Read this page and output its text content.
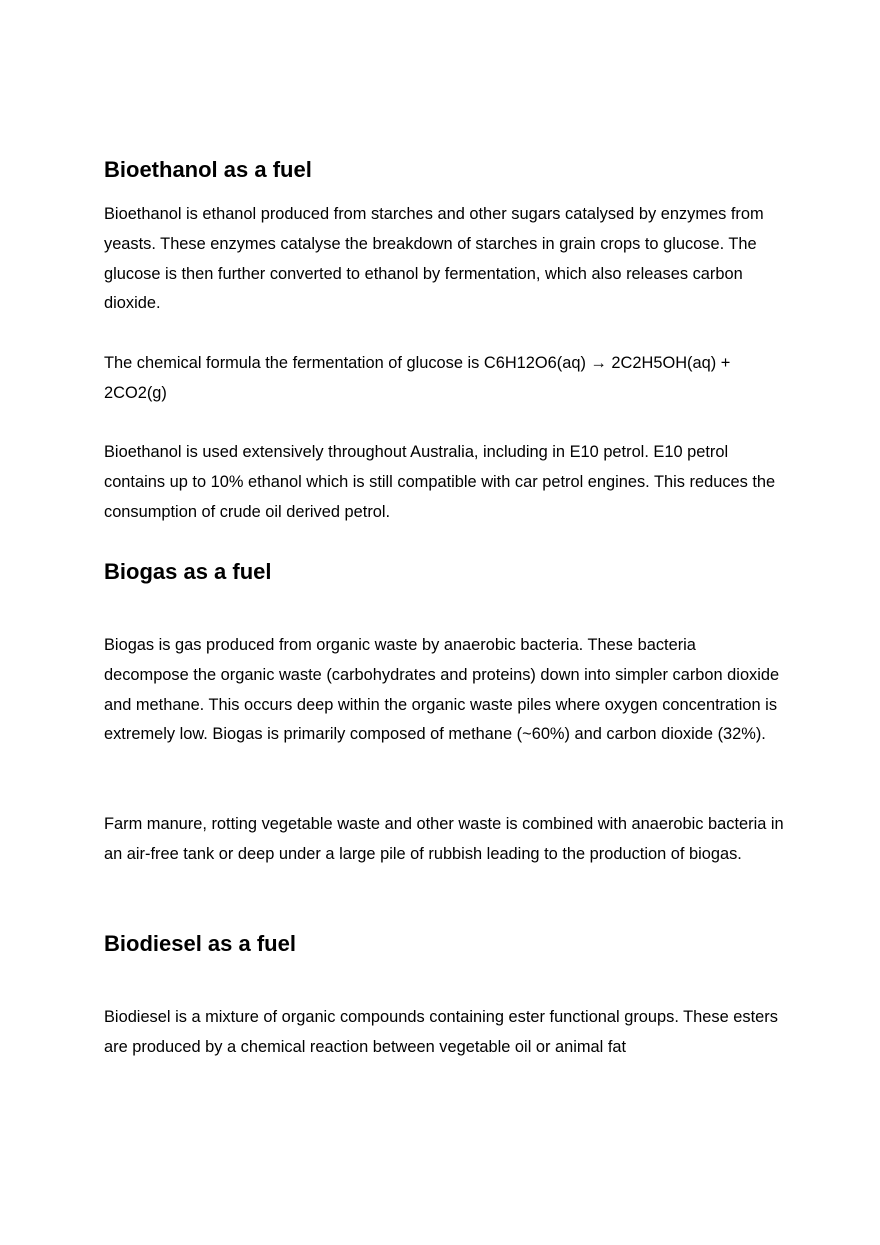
Bioethanol as a fuel

Bioethanol is ethanol produced from starches and other sugars catalysed by enzymes from yeasts. These enzymes catalyse the breakdown of starches in grain crops to glucose. The glucose is then further converted to ethanol by fermentation, which also releases carbon dioxide.

The chemical formula the fermentation of glucose is C6H12O6(aq) → 2C2H5OH(aq) + 2CO2(g)

Bioethanol is used extensively throughout Australia, including in E10 petrol. E10 petrol contains up to 10% ethanol which is still compatible with car petrol engines. This reduces the consumption of crude oil derived petrol.

Biogas as a fuel

Biogas is gas produced from organic waste by anaerobic bacteria. These bacteria decompose the organic waste (carbohydrates and proteins) down into simpler carbon dioxide and methane. This occurs deep within the organic waste piles where oxygen concentration is extremely low. Biogas is primarily composed of methane (~60%) and carbon dioxide (32%).

Farm manure, rotting vegetable waste and other waste is combined with anaerobic bacteria in an air-free tank or deep under a large pile of rubbish leading to the production of biogas.

Biodiesel as a fuel

Biodiesel is a mixture of organic compounds containing ester functional groups. These esters are produced by a chemical reaction between vegetable oil or animal fat
